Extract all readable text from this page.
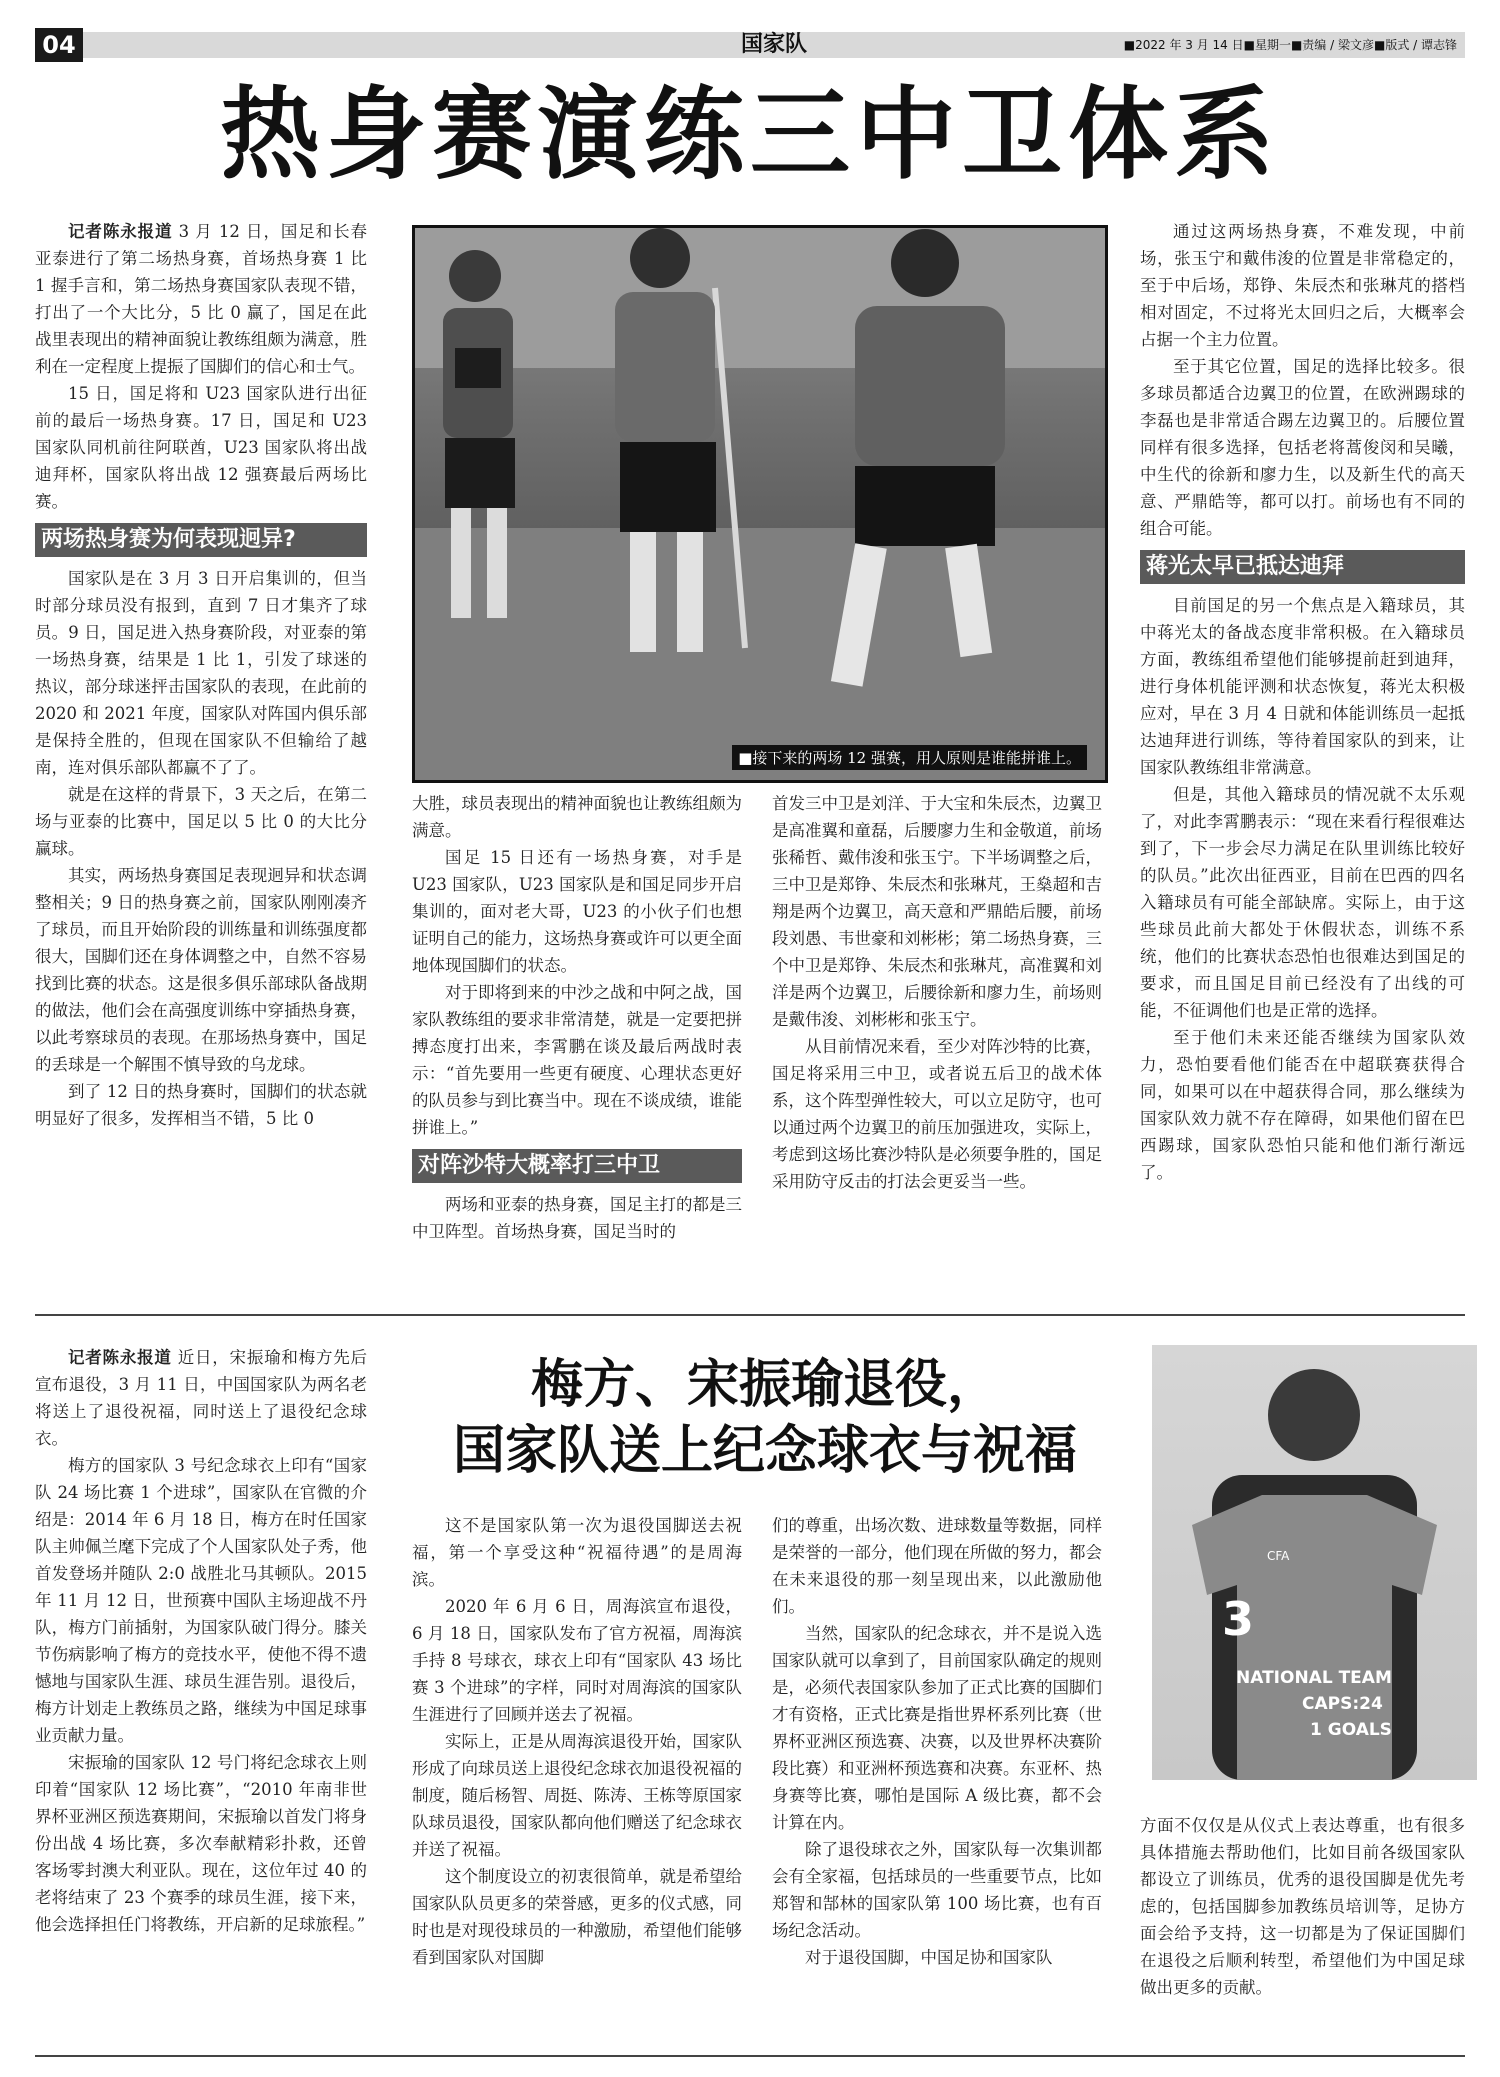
04	国家队	■2022 年 3 月 14 日■星期一■责编 / 梁文彦■版式 / 谭志锋
热身赛演练三中卫体系

记者陈永报道 3 月 12 日，国足和长春亚泰进行了第二场热身赛，首场热身赛 1 比 1 握手言和，第二场热身赛国家队表现不错，打出了一个大比分，5 比 0 赢了，国足在此战里表现出的精神面貌让教练组颇为满意，胜利在一定程度上提振了国脚们的信心和士气。

15 日，国足将和 U23 国家队进行出征前的最后一场热身赛。17 日，国足和 U23 国家队同机前往阿联酋，U23 国家队将出战迪拜杯，国家队将出战 12 强赛最后两场比赛。

两场热身赛为何表现迥异?

国家队是在 3 月 3 日开启集训的，但当时部分球员没有报到，直到 7 日才集齐了球员。9 日，国足进入热身赛阶段，对亚泰的第一场热身赛，结果是 1 比 1，引发了球迷的热议，部分球迷抨击国家队的表现，在此前的 2020 和 2021 年度，国家队对阵国内俱乐部是保持全胜的，但现在国家队不但输给了越南，连对俱乐部队都赢不了了。

就是在这样的背景下，3 天之后，在第二场与亚泰的比赛中，国足以 5 比 0 的大比分赢球。

其实，两场热身赛国足表现迥异和状态调整相关；9 日的热身赛之前，国家队刚刚凑齐了球员，而且开始阶段的训练量和训练强度都很大，国脚们还在身体调整之中，自然不容易找到比赛的状态。这是很多俱乐部球队备战期的做法，他们会在高强度训练中穿插热身赛，以此考察球员的表现。在那场热身赛中，国足的丢球是一个解围不慎导致的乌龙球。

到了 12 日的热身赛时，国脚们的状态就明显好了很多，发挥相当不错，5 比 0

■接下来的两场 12 强赛，用人原则是谁能拼谁上。

大胜，球员表现出的精神面貌也让教练组颇为满意。

国足 15 日还有一场热身赛，对手是 U23 国家队，U23 国家队是和国足同步开启集训的，面对老大哥，U23 的小伙子们也想证明自己的能力，这场热身赛或许可以更全面地体现国脚们的状态。

对于即将到来的中沙之战和中阿之战，国家队教练组的要求非常清楚，就是一定要把拼搏态度打出来，李霄鹏在谈及最后两战时表示：“首先要用一些更有硬度、心理状态更好的队员参与到比赛当中。现在不谈成绩，谁能拼谁上。”

对阵沙特大概率打三中卫

两场和亚泰的热身赛，国足主打的都是三中卫阵型。首场热身赛，国足当时的

首发三中卫是刘洋、于大宝和朱辰杰，边翼卫是高准翼和童磊，后腰廖力生和金敬道，前场张稀哲、戴伟浚和张玉宁。下半场调整之后，三中卫是郑铮、朱辰杰和张琳芃，王燊超和吉翔是两个边翼卫，高天意和严鼎皓后腰，前场段刘愚、韦世豪和刘彬彬；第二场热身赛，三个中卫是郑铮、朱辰杰和张琳芃，高准翼和刘洋是两个边翼卫，后腰徐新和廖力生，前场则是戴伟浚、刘彬彬和张玉宁。

从目前情况来看，至少对阵沙特的比赛，国足将采用三中卫，或者说五后卫的战术体系，这个阵型弹性较大，可以立足防守，也可以通过两个边翼卫的前压加强进攻，实际上，考虑到这场比赛沙特队是必须要争胜的，国足采用防守反击的打法会更妥当一些。

通过这两场热身赛，不难发现，中前场，张玉宁和戴伟浚的位置是非常稳定的，至于中后场，郑铮、朱辰杰和张琳芃的搭档相对固定，不过将光太回归之后，大概率会占据一个主力位置。

至于其它位置，国足的选择比较多。很多球员都适合边翼卫的位置，在欧洲踢球的李磊也是非常适合踢左边翼卫的。后腰位置同样有很多选择，包括老将蒿俊闵和吴曦，中生代的徐新和廖力生，以及新生代的高天意、严鼎皓等，都可以打。前场也有不同的组合可能。

蒋光太早已抵达迪拜

目前国足的另一个焦点是入籍球员，其中蒋光太的备战态度非常积极。在入籍球员方面，教练组希望他们能够提前赶到迪拜，进行身体机能评测和状态恢复，蒋光太积极应对，早在 3 月 4 日就和体能训练员一起抵达迪拜进行训练，等待着国家队的到来，让国家队教练组非常满意。

但是，其他入籍球员的情况就不太乐观了，对此李霄鹏表示：“现在来看行程很难达到了，下一步会尽力满足在队里训练比较好的队员。”此次出征西亚，目前在巴西的四名入籍球员有可能全部缺席。实际上，由于这些球员此前大都处于休假状态，训练不系统，他们的比赛状态恐怕也很难达到国足的要求，而且国足目前已经没有了出线的可能，不征调他们也是正常的选择。

至于他们未来还能否继续为国家队效力，恐怕要看他们能否在中超联赛获得合同，如果可以在中超获得合同，那么继续为国家队效力就不存在障碍，如果他们留在巴西踢球，国家队恐怕只能和他们渐行渐远了。

记者陈永报道 近日，宋振瑜和梅方先后宣布退役，3 月 11 日，中国国家队为两名老将送上了退役祝福，同时送上了退役纪念球衣。

梅方的国家队 3 号纪念球衣上印有“国家队 24 场比赛 1 个进球”，国家队在官微的介绍是：2014 年 6 月 18 日，梅方在时任国家队主帅佩兰麾下完成了个人国家队处子秀，他首发登场并随队 2:0 战胜北马其顿队。2015 年 11 月 12 日，世预赛中国队主场迎战不丹队，梅方门前插射，为国家队破门得分。膝关节伤病影响了梅方的竞技水平，使他不得不遗憾地与国家队生涯、球员生涯告别。退役后，梅方计划走上教练员之路，继续为中国足球事业贡献力量。

宋振瑜的国家队 12 号门将纪念球衣上则印着“国家队 12 场比赛”，“2010 年南非世界杯亚洲区预选赛期间，宋振瑜以首发门将身份出战 4 场比赛，多次奉献精彩扑救，还曾客场零封澳大利亚队。现在，这位年过 40 的老将结束了 23 个赛季的球员生涯，接下来，他会选择担任门将教练，开启新的足球旅程。”

梅方、宋振瑜退役，
国家队送上纪念球衣与祝福

这不是国家队第一次为退役国脚送去祝福，第一个享受这种“祝福待遇”的是周海滨。

2020 年 6 月 6 日，周海滨宣布退役，6 月 18 日，国家队发布了官方祝福，周海滨手持 8 号球衣，球衣上印有“国家队 43 场比赛 3 个进球”的字样，同时对周海滨的国家队生涯进行了回顾并送去了祝福。

实际上，正是从周海滨退役开始，国家队形成了向球员送上退役纪念球衣加退役祝福的制度，随后杨智、周挺、陈涛、王栋等原国家队球员退役，国家队都向他们赠送了纪念球衣并送了祝福。

这个制度设立的初衷很简单，就是希望给国家队队员更多的荣誉感，更多的仪式感，同时也是对现役球员的一种激励，希望他们能够看到国家队对国脚

们的尊重，出场次数、进球数量等数据，同样是荣誉的一部分，他们现在所做的努力，都会在未来退役的那一刻呈现出来，以此激励他们。

当然，国家队的纪念球衣，并不是说入选国家队就可以拿到了，目前国家队确定的规则是，必须代表国家队参加了正式比赛的国脚们才有资格，正式比赛是指世界杯系列比赛（世界杯亚洲区预选赛、决赛，以及世界杯决赛阶段比赛）和亚洲杯预选赛和决赛。东亚杯、热身赛等比赛，哪怕是国际 A 级比赛，都不会计算在内。

除了退役球衣之外，国家队每一次集训都会有全家福，包括球员的一些重要节点，比如郑智和郜林的国家队第 100 场比赛，也有百场纪念活动。

对于退役国脚，中国足协和国家队

3
NATIONAL TEAM
CAPS:24
1 GOALS
CFA

方面不仅仅是从仪式上表达尊重，也有很多具体措施去帮助他们，比如目前各级国家队都设立了训练员，优秀的退役国脚是优先考虑的，包括国脚参加教练员培训等，足协方面会给予支持，这一切都是为了保证国脚们在退役之后顺利转型，希望他们为中国足球做出更多的贡献。
